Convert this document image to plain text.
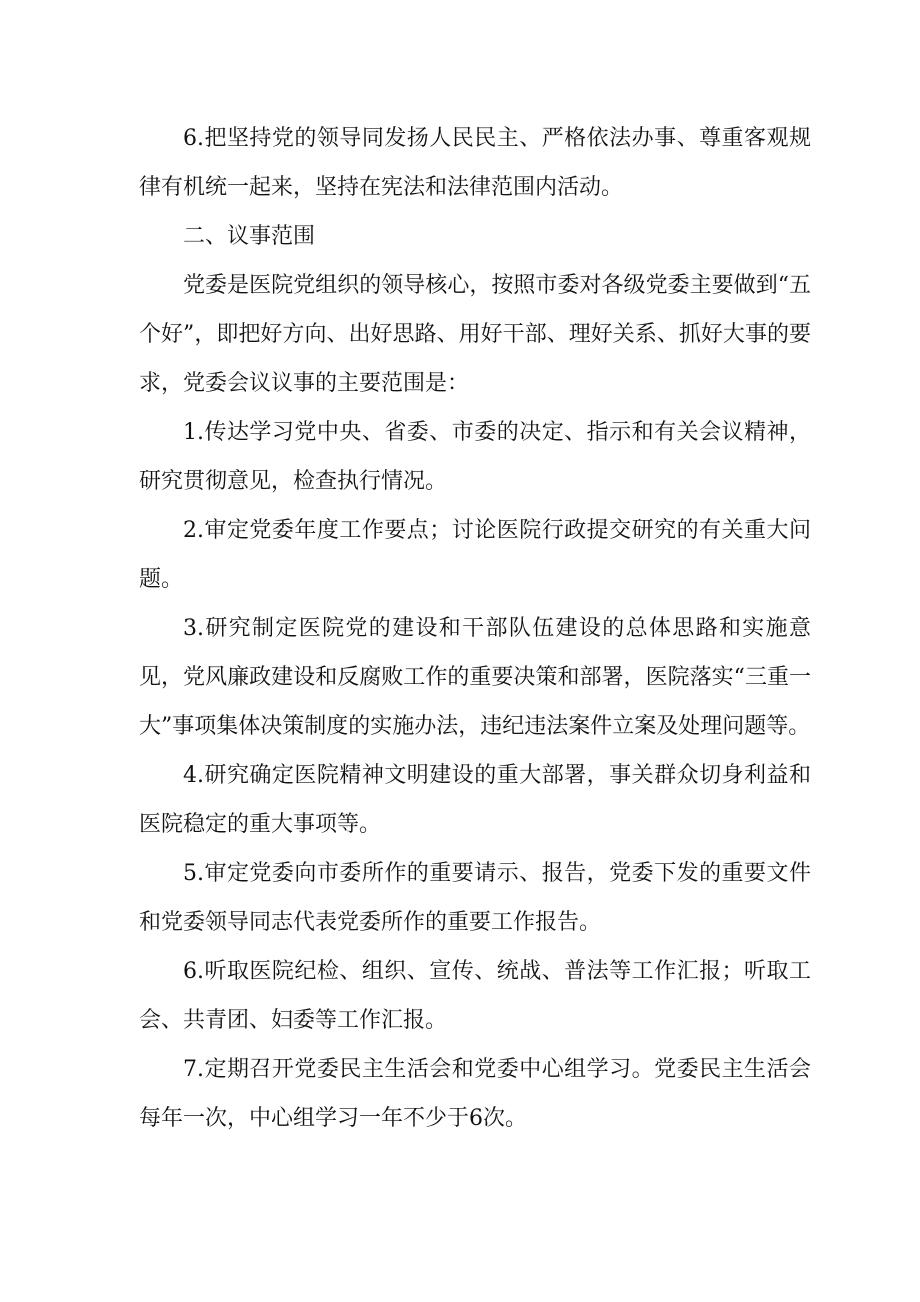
6.把坚持党的领导同发扬人民民主、严格依法办事、尊重客观规律有机统一起来，坚持在宪法和法律范围内活动。

二、议事范围

党委是医院党组织的领导核心，按照市委对各级党委主要做到“五个好”，即把好方向、出好思路、用好干部、理好关系、抓好大事的要求，党委会议议事的主要范围是：

1.传达学习党中央、省委、市委的决定、指示和有关会议精神，研究贯彻意见，检查执行情况。

2.审定党委年度工作要点；讨论医院行政提交研究的有关重大问题。

3.研究制定医院党的建设和干部队伍建设的总体思路和实施意见，党风廉政建设和反腐败工作的重要决策和部署，医院落实“三重一大”事项集体决策制度的实施办法，违纪违法案件立案及处理问题等。

4.研究确定医院精神文明建设的重大部署，事关群众切身利益和医院稳定的重大事项等。

5.审定党委向市委所作的重要请示、报告，党委下发的重要文件和党委领导同志代表党委所作的重要工作报告。

6.听取医院纪检、组织、宣传、统战、普法等工作汇报；听取工会、共青团、妇委等工作汇报。

7.定期召开党委民主生活会和党委中心组学习。党委民主生活会每年一次，中心组学习一年不少于6次。
